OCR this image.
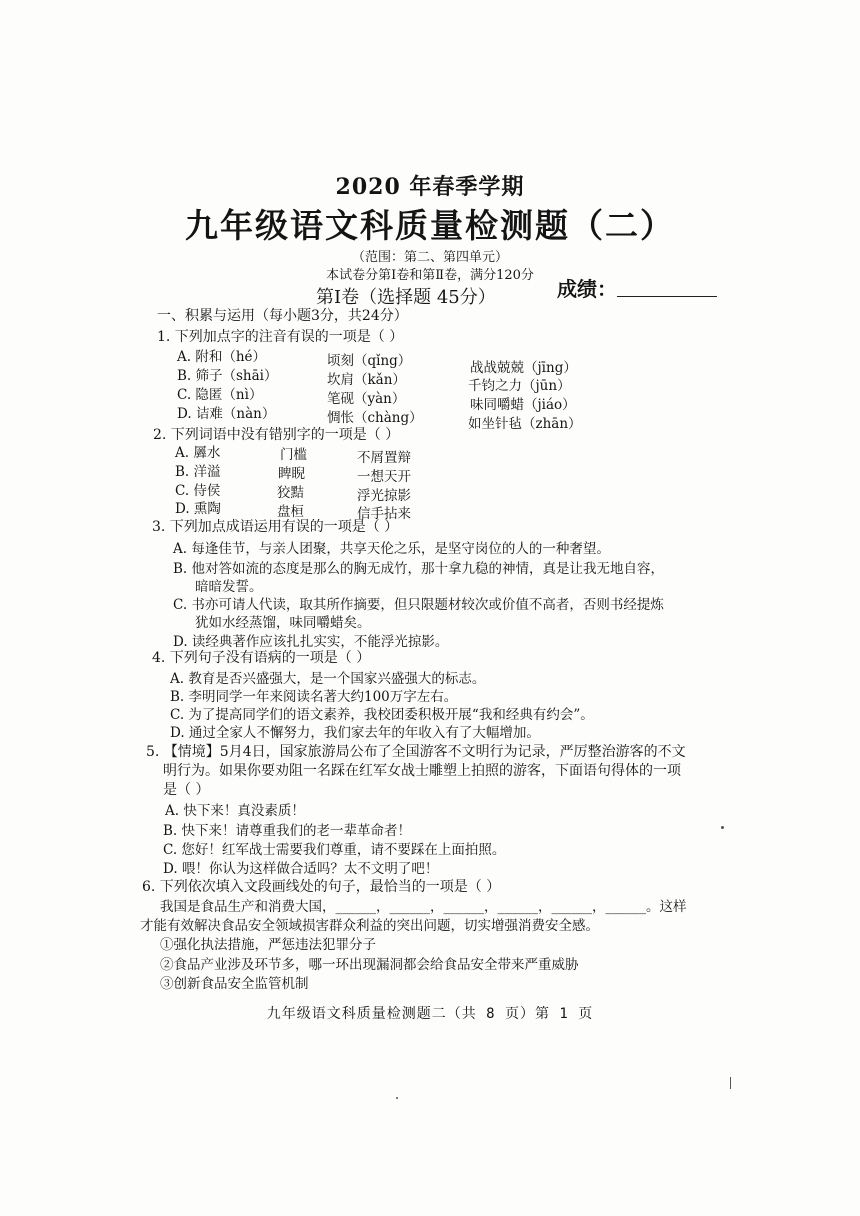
2020 年春季学期
九年级语文科质量检测题（二）
（范围：第二、第四单元）
本试卷分第Ⅰ卷和第Ⅱ卷，满分120分
第Ⅰ卷（选择题 45分）	成绩：
一、积累与运用（每小题3分，共24分）
1. 下列加点字的注音有误的一项是（ ）
A. 附和（hé）	顷刻（qǐng）	战战兢兢（jīng）
B. 筛子（shāi）	坎肩（kǎn）	千钧之力（jūn）
C. 隐匿（nì）	笔砚（yàn）	味同嚼蜡（jiáo）
D. 诘难（nàn）	惆怅（chàng）	如坐针毡（zhān）
2. 下列词语中没有错别字的一项是（ ）
A. 羼水	门槛	不屑置辩
B. 洋溢	睥睨	一想天开
C. 侍侯	狡黠	浮光掠影
D. 熏陶	盘桓	信手拈来
3. 下列加点成语运用有误的一项是（ ）
A. 每逢佳节，与亲人团聚，共享天伦之乐，是坚守岗位的人的一种奢望。
B. 他对答如流的态度是那么的胸无成竹，那十拿九稳的神情，真是让我无地自容，
暗暗发誓。
C. 书亦可请人代读，取其所作摘要，但只限题材较次或价值不高者，否则书经提炼
犹如水经蒸馏，味同嚼蜡矣。
D. 读经典著作应该扎扎实实，不能浮光掠影。
4. 下列句子没有语病的一项是（ ）
A. 教育是否兴盛强大，是一个国家兴盛强大的标志。
B. 李明同学一年来阅读名著大约100万字左右。
C. 为了提高同学们的语文素养，我校团委积极开展“我和经典有约会”。
D. 通过全家人不懈努力，我们家去年的年收入有了大幅增加。
5. 【情境】5月4日，国家旅游局公布了全国游客不文明行为记录，严厉整治游客的不文
明行为。如果你要劝阻一名踩在红军女战士雕塑上拍照的游客，下面语句得体的一项
是（ ）
A. 快下来！真没素质！
B. 快下来！请尊重我们的老一辈革命者！
C. 您好！红军战士需要我们尊重，请不要踩在上面拍照。
D. 喂！你认为这样做合适吗？太不文明了吧！
6. 下列依次填入文段画线处的句子，最恰当的一项是（ ）
我国是食品生产和消费大国，______，______，______，______，______，______。这样
才能有效解决食品安全领域损害群众利益的突出问题，切实增强消费安全感。
①强化执法措施，严惩违法犯罪分子
②食品产业涉及环节多，哪一环出现漏洞都会给食品安全带来严重威胁
③创新食品安全监管机制
九年级语文科质量检测题二（共 8 页）第 1 页
